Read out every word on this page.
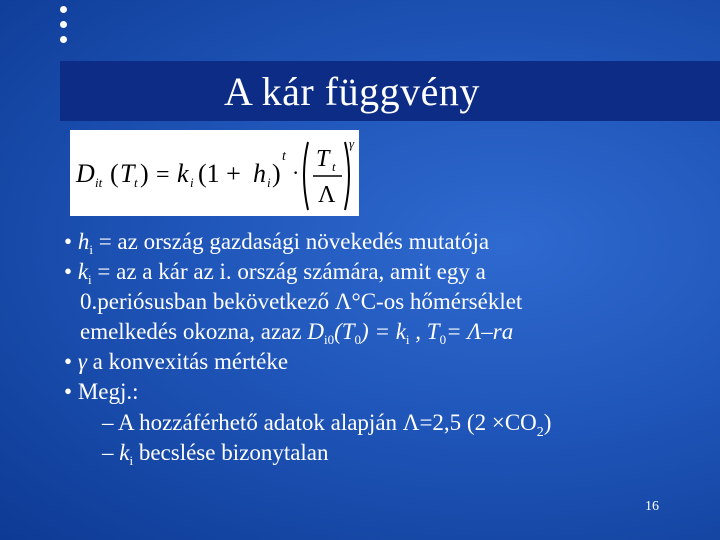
A kár függvény
D it ( T t ) = k i (1 + h i )
t
·
T t
Λ
γ
• $h_i$ = az ország gazdasági növekedés mutatója
• $k_i$ = az a kár az i. ország számára, amit egy a
0.periósusban bekövetkező Λ°C-os hőmérséklet
emelkedés okozna, azaz $D_{i0}(T_0) = k_i$ , $T_0= \Lambda-ra$
• γ a konvexitás mértéke
• Megj.:
– A hozzáférhető adatok alapján Λ=2,5 $(2 \times CO_2)$
– $k_i$ becslése bizonytalan
16
